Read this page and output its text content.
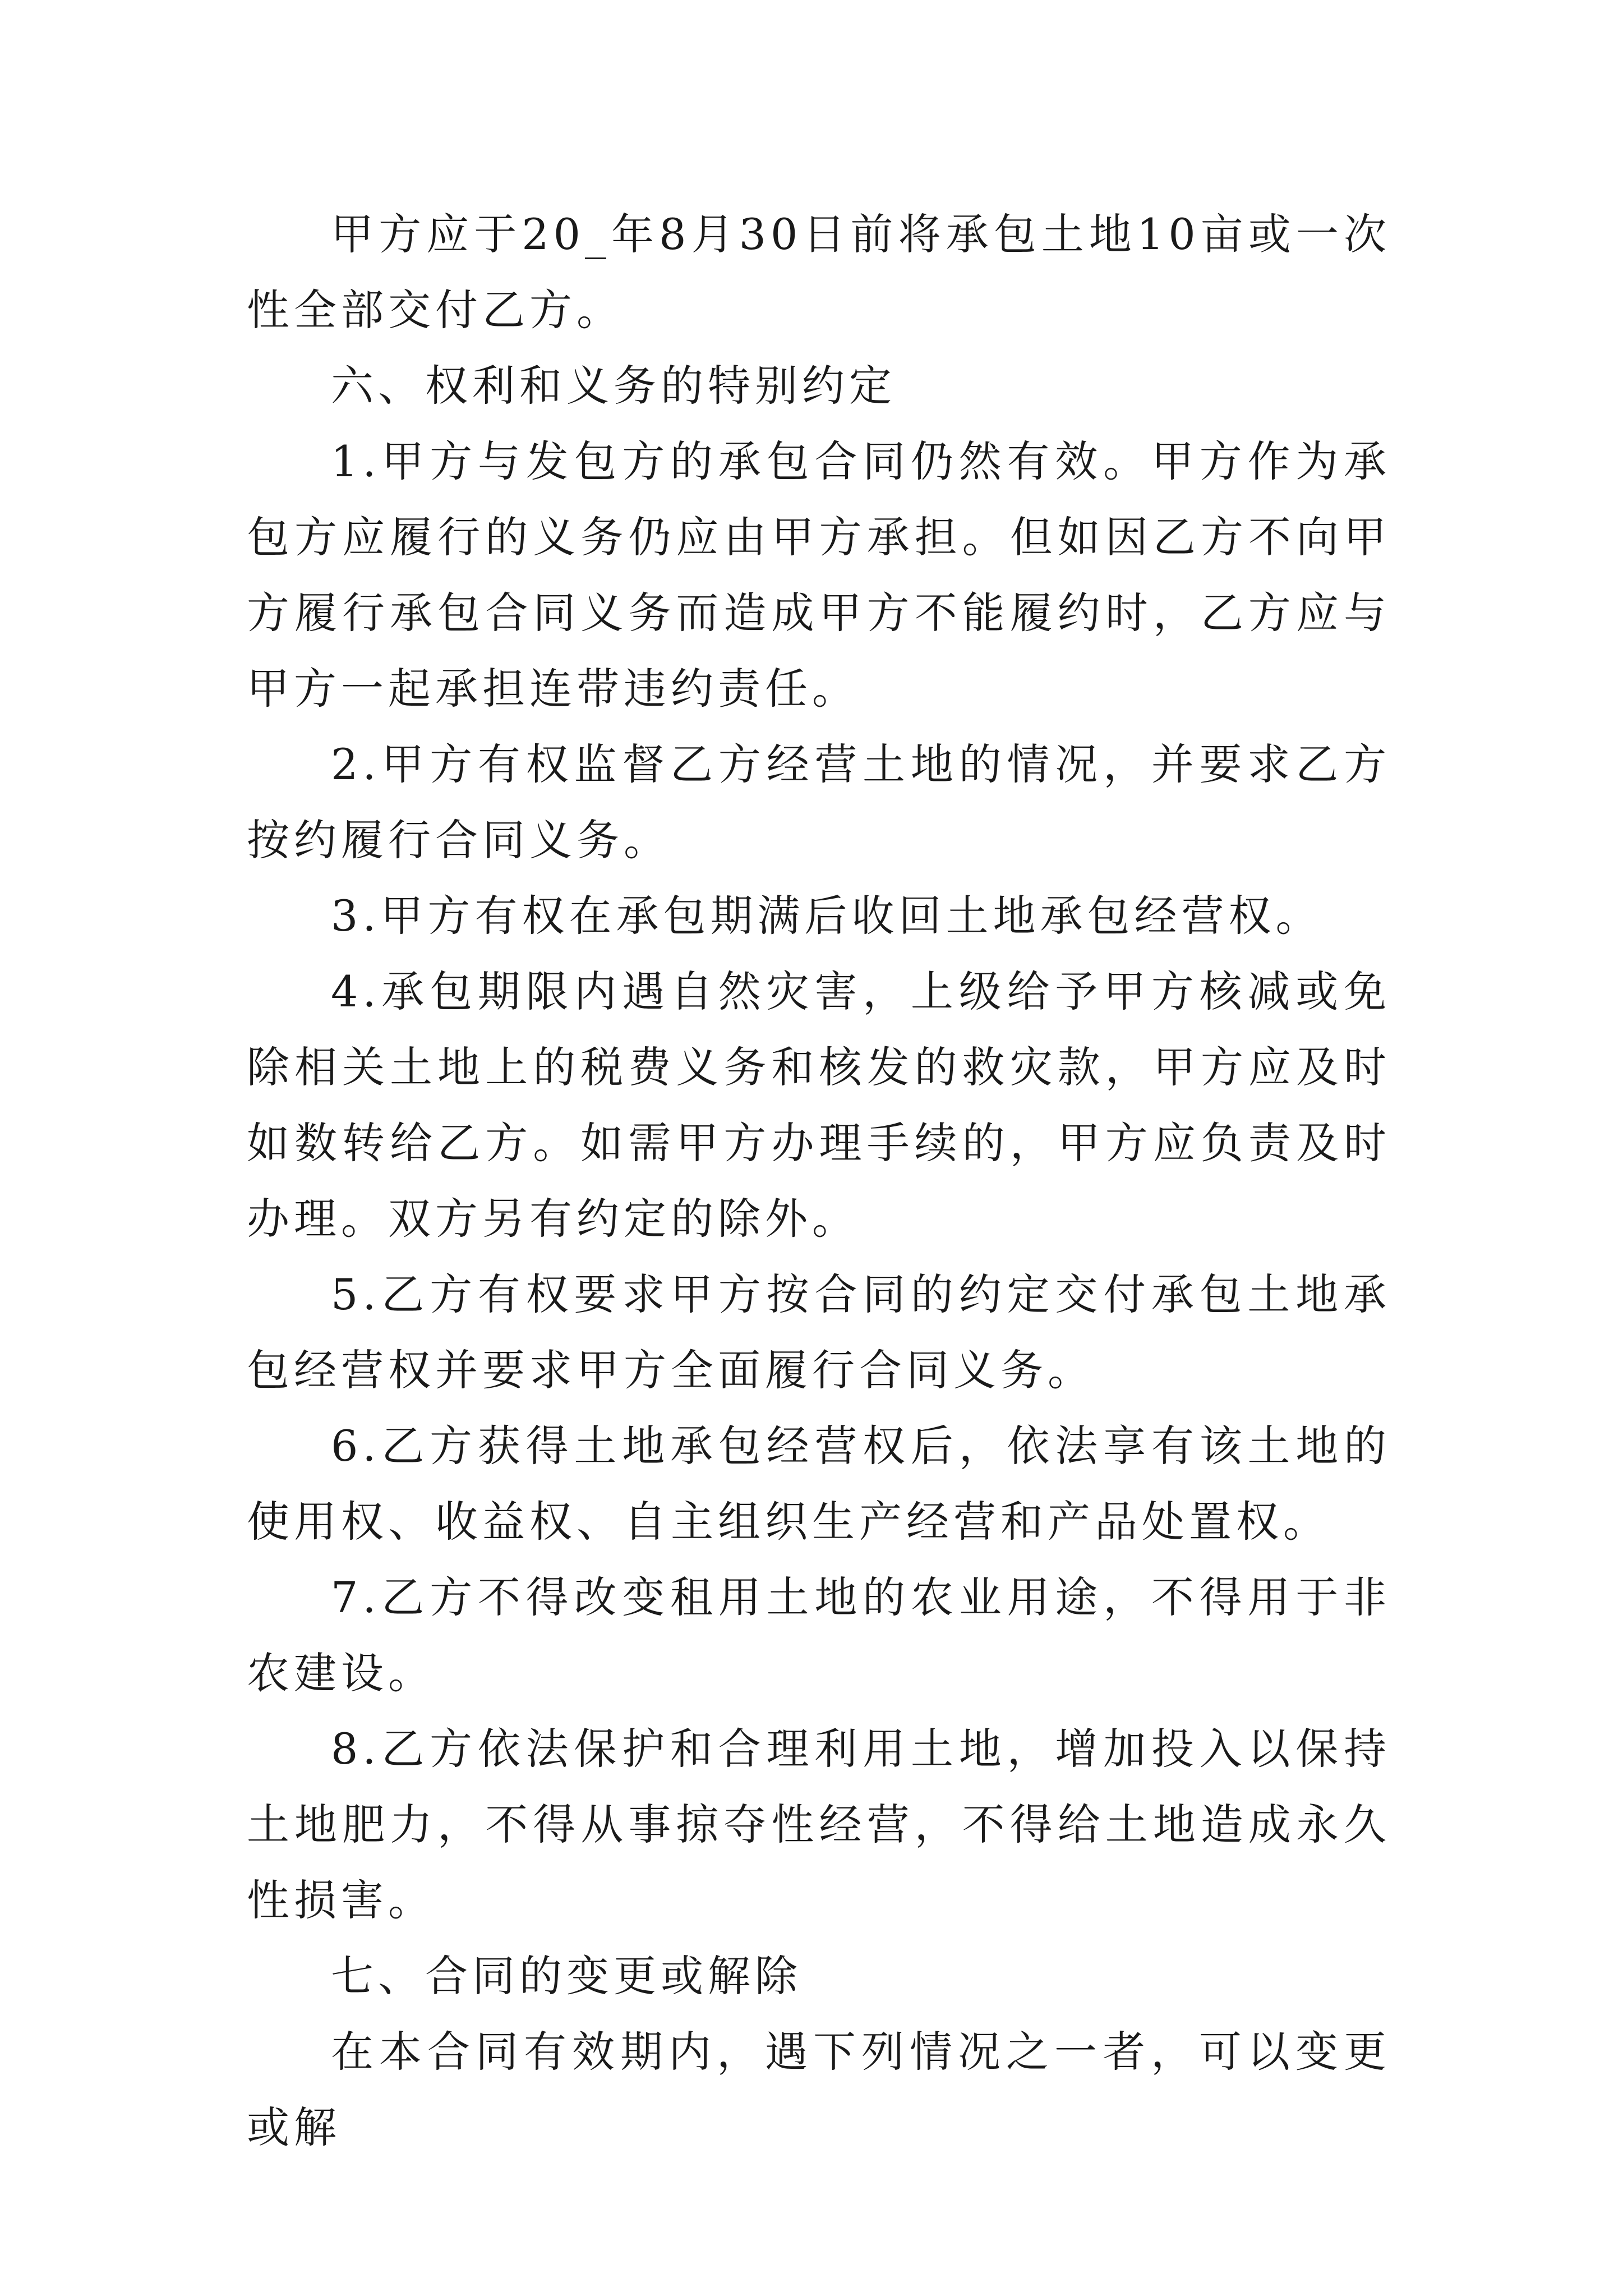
甲方应于20_年8月30日前将承包土地10亩或一次性全部交付乙方。

六、权利和义务的特别约定

1.甲方与发包方的承包合同仍然有效。甲方作为承包方应履行的义务仍应由甲方承担。但如因乙方不向甲方履行承包合同义务而造成甲方不能履约时，乙方应与甲方一起承担连带违约责任。

2.甲方有权监督乙方经营土地的情况，并要求乙方按约履行合同义务。

3.甲方有权在承包期满后收回土地承包经营权。

4.承包期限内遇自然灾害，上级给予甲方核减或免除相关土地上的税费义务和核发的救灾款，甲方应及时如数转给乙方。如需甲方办理手续的，甲方应负责及时办理。双方另有约定的除外。

5.乙方有权要求甲方按合同的约定交付承包土地承包经营权并要求甲方全面履行合同义务。

6.乙方获得土地承包经营权后，依法享有该土地的使用权、收益权、自主组织生产经营和产品处置权。

7.乙方不得改变租用土地的农业用途，不得用于非农建设。

8.乙方依法保护和合理利用土地，增加投入以保持土地肥力，不得从事掠夺性经营，不得给土地造成永久性损害。

七、合同的变更或解除

在本合同有效期内，遇下列情况之一者，可以变更或解
